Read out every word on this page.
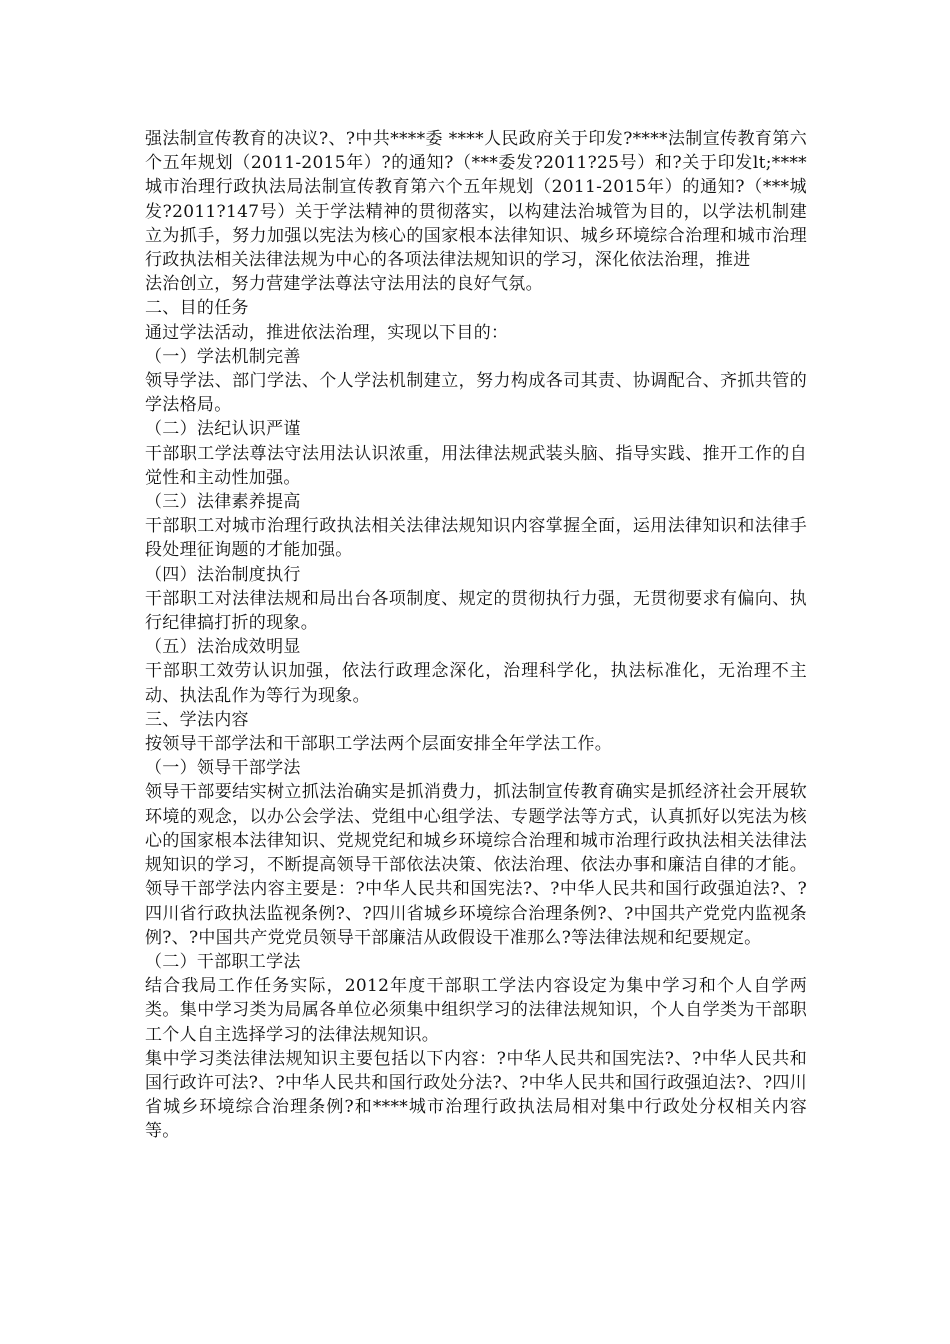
强法制宣传教育的决议?、?中共****委 ****人民政府关于印发?****法制宣传教育第六个五年规划（2011-2015年）?的通知?（***委发?2011?25号）和?关于印发lt;****城市治理行政执法局法制宣传教育第六个五年规划（2011-2015年）的通知?（***城发?2011?147号）关于学法精神的贯彻落实，以构建法治城管为目的，以学法机制建立为抓手，努力加强以宪法为核心的国家根本法律知识、城乡环境综合治理和城市治理行政执法相关法律法规为中心的各项法律法规知识的学习，深化依法治理，推进

法治创立，努力营建学法尊法守法用法的良好气氛。

二、目的任务

通过学法活动，推进依法治理，实现以下目的：

（一）学法机制完善

领导学法、部门学法、个人学法机制建立，努力构成各司其责、协调配合、齐抓共管的学法格局。

（二）法纪认识严谨

干部职工学法尊法守法用法认识浓重，用法律法规武装头脑、指导实践、推开工作的自觉性和主动性加强。

（三）法律素养提高

干部职工对城市治理行政执法相关法律法规知识内容掌握全面，运用法律知识和法律手段处理征询题的才能加强。

（四）法治制度执行

干部职工对法律法规和局出台各项制度、规定的贯彻执行力强，无贯彻要求有偏向、执行纪律搞打折的现象。

（五）法治成效明显

干部职工效劳认识加强，依法行政理念深化，治理科学化，执法标准化，无治理不主动、执法乱作为等行为现象。

三、学法内容

按领导干部学法和干部职工学法两个层面安排全年学法工作。

（一）领导干部学法

领导干部要结实树立抓法治确实是抓消费力，抓法制宣传教育确实是抓经济社会开展软环境的观念，以办公会学法、党组中心组学法、专题学法等方式，认真抓好以宪法为核心的国家根本法律知识、党规党纪和城乡环境综合治理和城市治理行政执法相关法律法规知识的学习，不断提高领导干部依法决策、依法治理、依法办事和廉洁自律的才能。领导干部学法内容主要是：?中华人民共和国宪法?、?中华人民共和国行政强迫法?、?四川省行政执法监视条例?、?四川省城乡环境综合治理条例?、?中国共产党党内监视条例?、?中国共产党党员领导干部廉洁从政假设干准那么?等法律法规和纪要规定。

（二）干部职工学法

结合我局工作任务实际，2012年度干部职工学法内容设定为集中学习和个人自学两类。集中学习类为局属各单位必须集中组织学习的法律法规知识，个人自学类为干部职工个人自主选择学习的法律法规知识。

集中学习类法律法规知识主要包括以下内容：?中华人民共和国宪法?、?中华人民共和国行政许可法?、?中华人民共和国行政处分法?、?中华人民共和国行政强迫法?、?四川省城乡环境综合治理条例?和****城市治理行政执法局相对集中行政处分权相关内容等。
